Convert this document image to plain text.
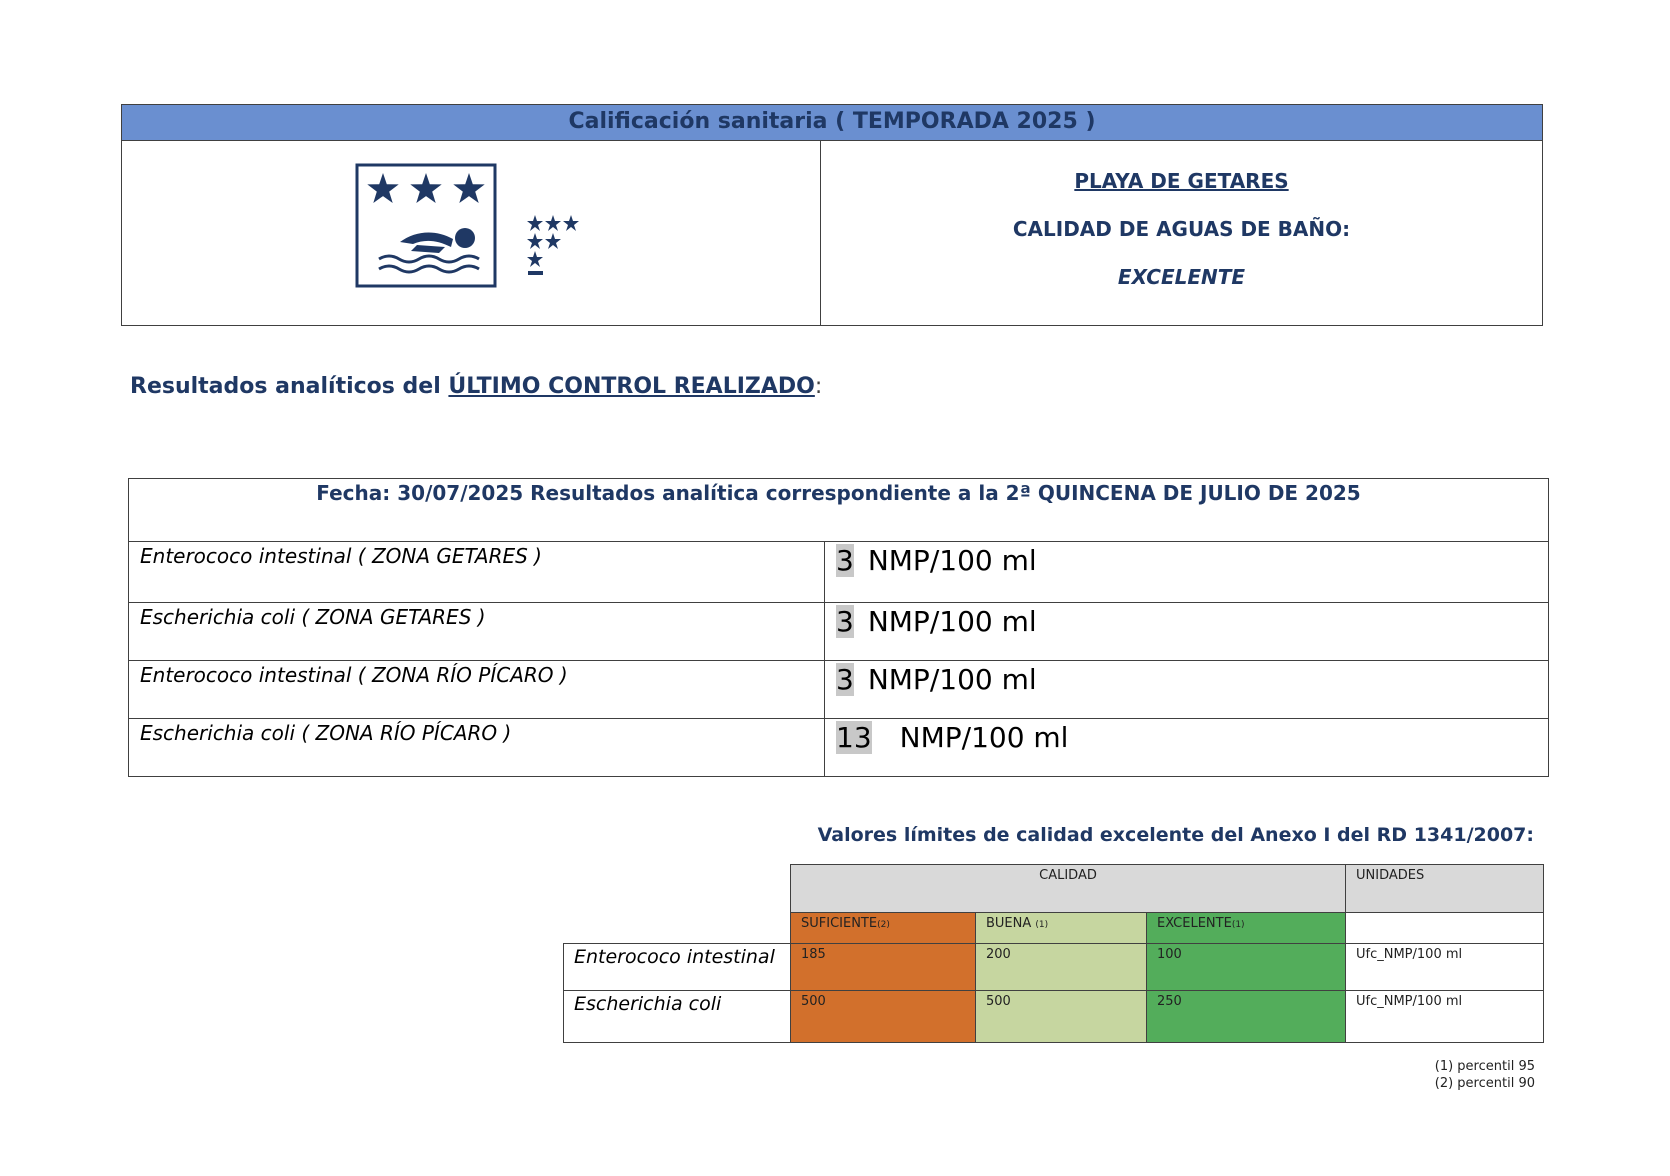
Calificación sanitaria ( TEMPORADA 2025 )
PLAYA DE GETARES
CALIDAD DE AGUAS DE BAÑO:
EXCELENTE
Resultados analíticos del ÚLTIMO CONTROL REALIZADO:
Fecha: 30/07/2025 Resultados analítica correspondiente a la 2ª QUINCENA DE JULIO DE 2025	
Enterococo intestinal ( ZONA GETARES )	3 NMP/100 ml
Escherichia coli ( ZONA GETARES )	3 NMP/100 ml
Enterococo intestinal ( ZONA RÍO PÍCARO )	3 NMP/100 ml
Escherichia coli ( ZONA RÍO PÍCARO )	13 NMP/100 ml
Valores límites de calidad excelente del Anexo I del RD 1341/2007:
	CALIDAD			UNIDADES
	SUFICIENTE(2)	BUENA (1)	EXCELENTE(1)	
Enterococo intestinal	185	200	100	Ufc_NMP/100 ml
Escherichia coli	500	500	250	Ufc_NMP/100 ml
(1) percentil 95
(2) percentil 90
